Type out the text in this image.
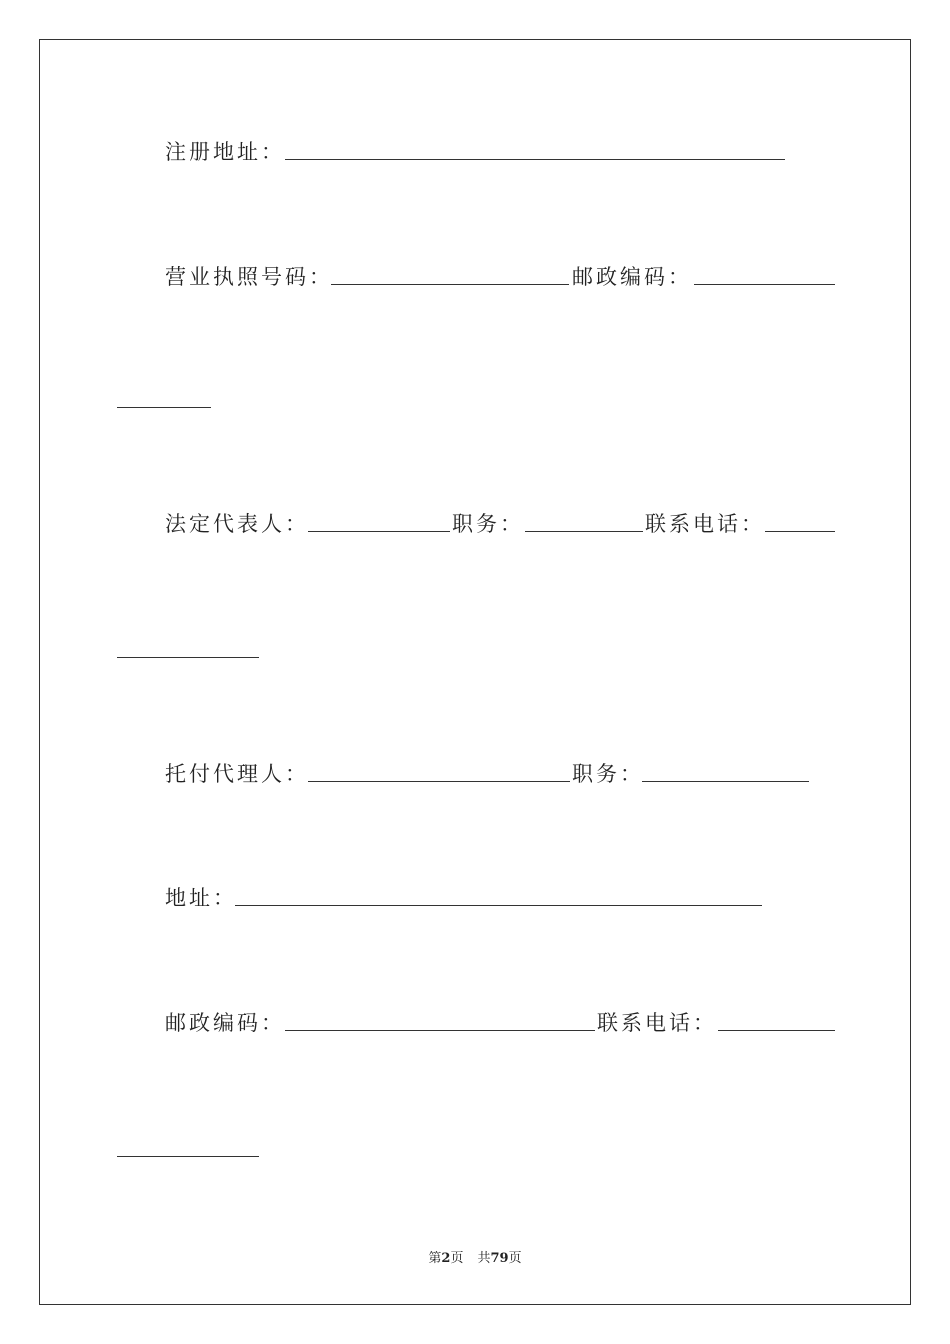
注册地址：
营业执照号码：	邮政编码：
法定代表人：	职务：	联系电话：
托付代理人：	职务：
地址：
邮政编码：	联系电话：
第2页 共79页
